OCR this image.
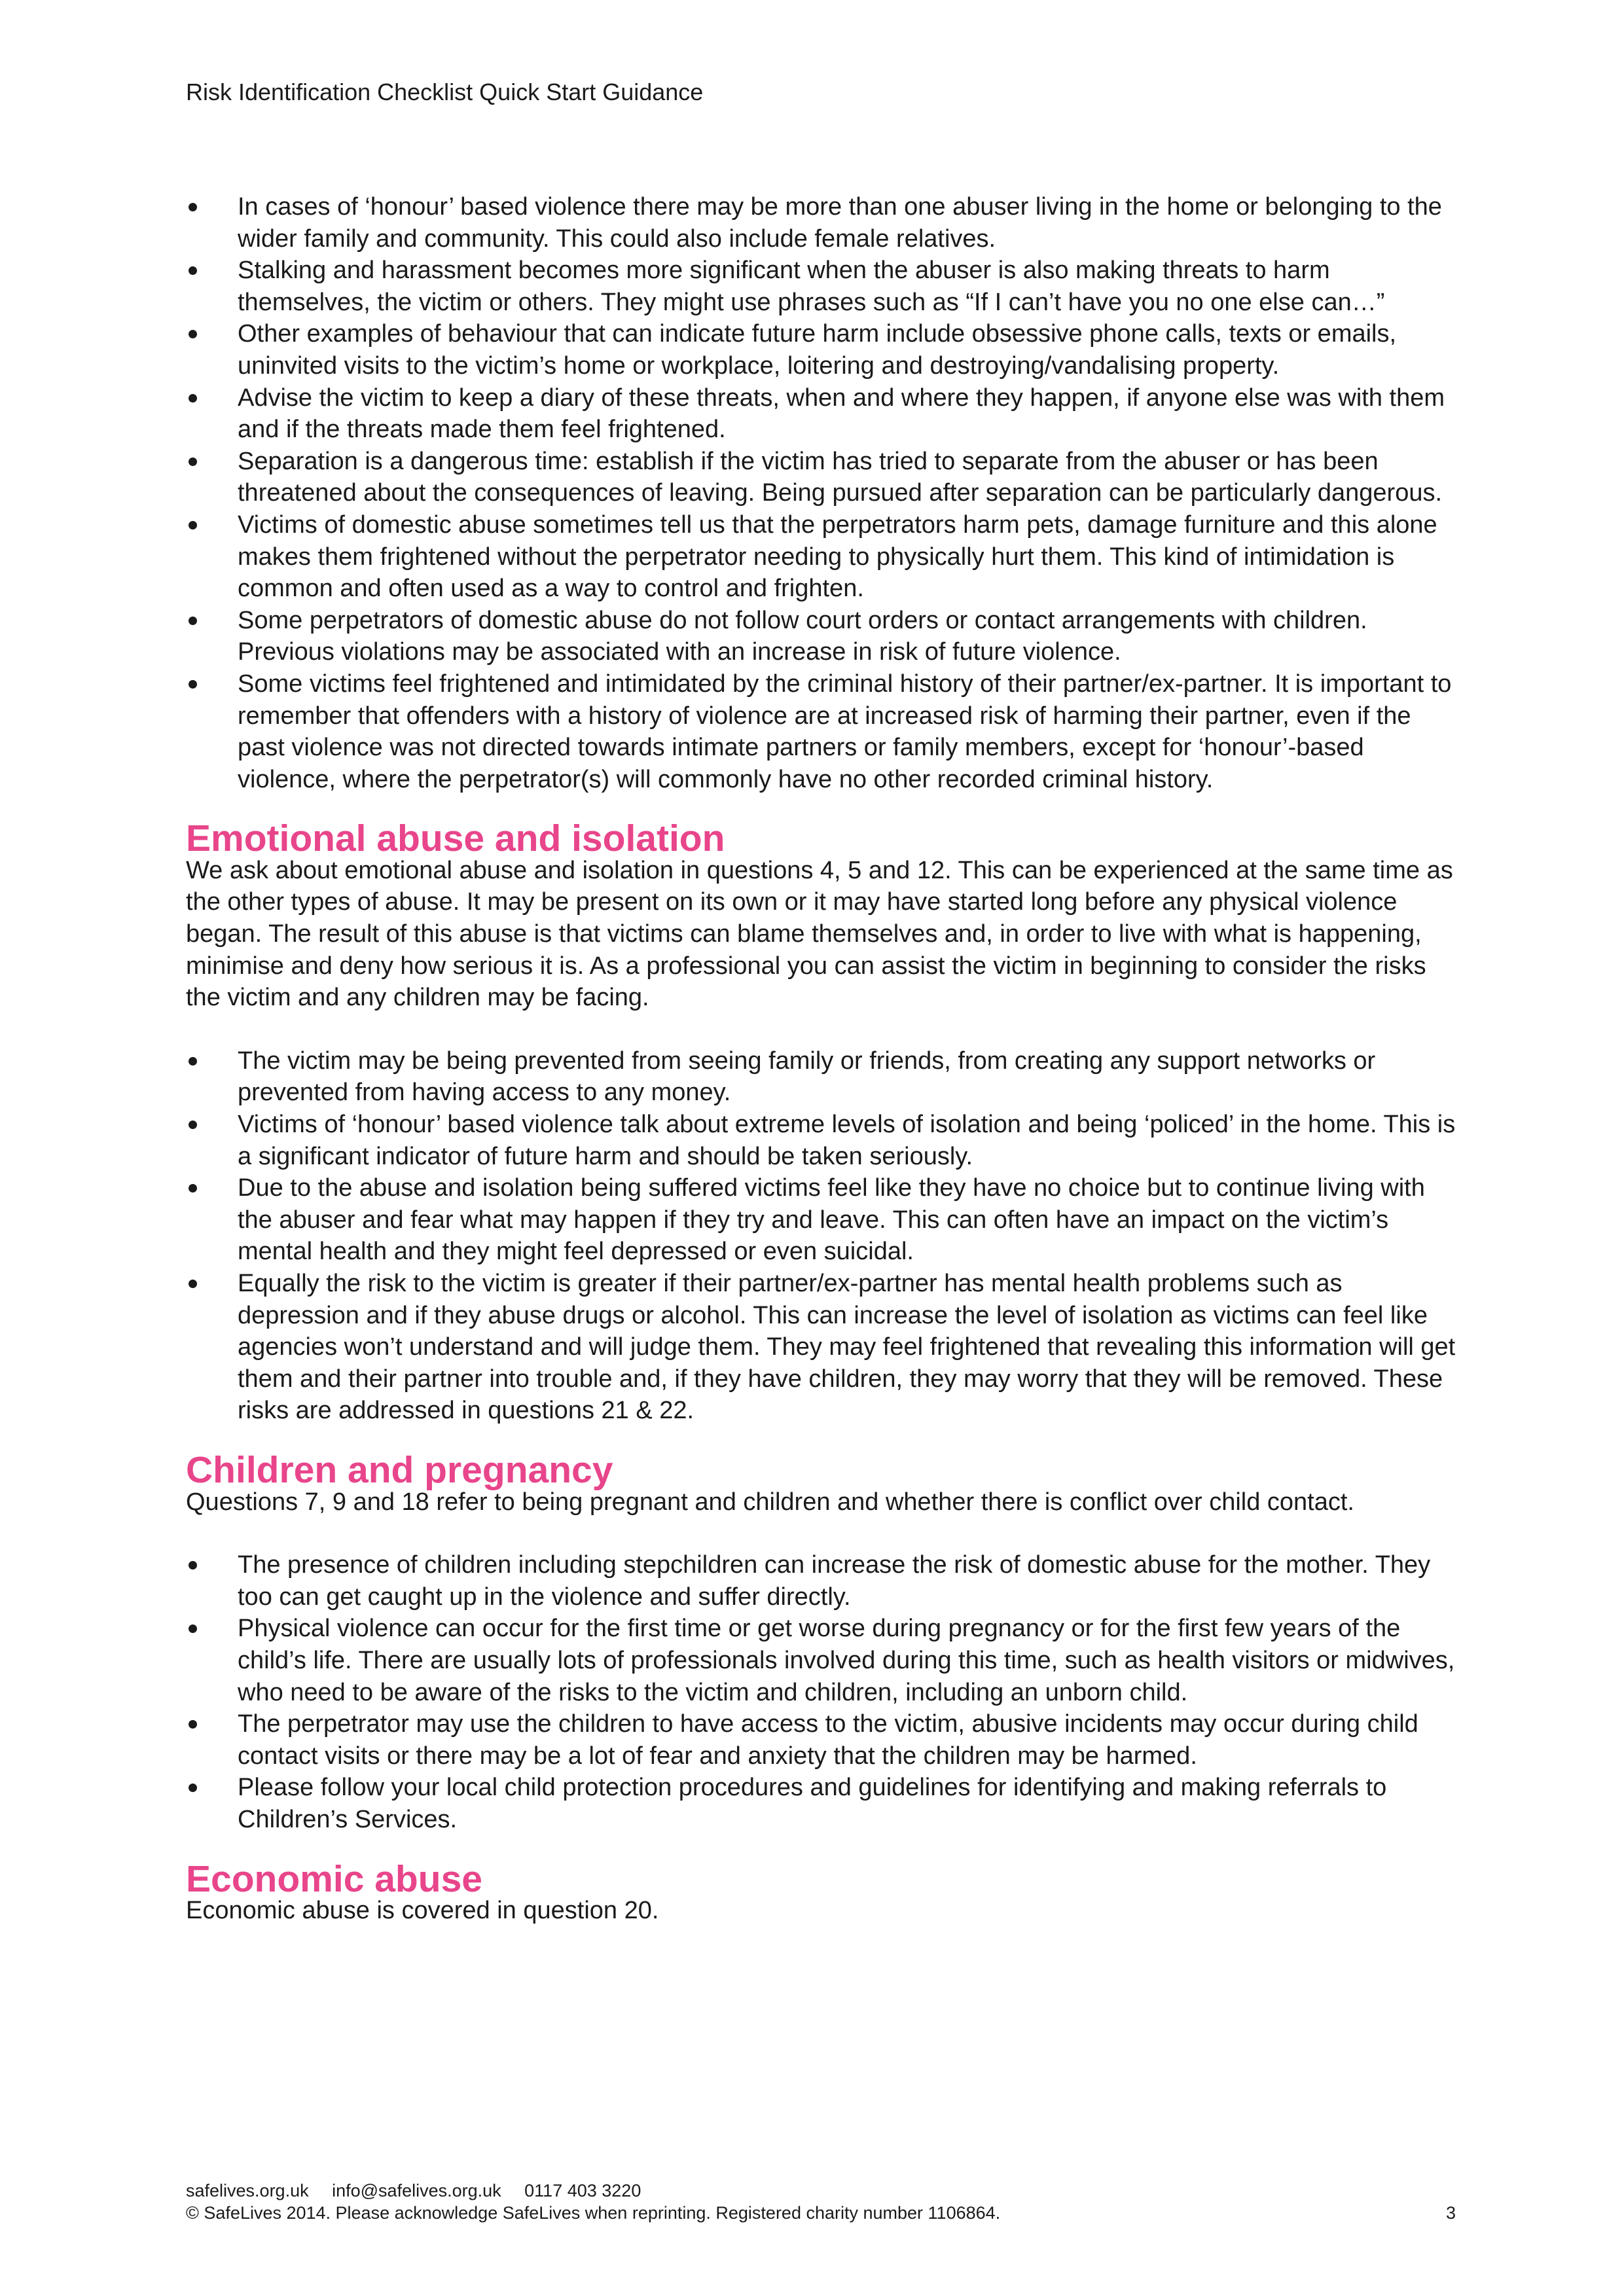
Risk Identification Checklist Quick Start Guidance
In cases of ‘honour’ based violence there may be more than one abuser living in the home or belonging to the wider family and community. This could also include female relatives.
Stalking and harassment becomes more significant when the abuser is also making threats to harm themselves, the victim or others. They might use phrases such as “If I can’t have you no one else can…”
Other examples of behaviour that can indicate future harm include obsessive phone calls, texts or emails, uninvited visits to the victim’s home or workplace, loitering and destroying/vandalising property.
Advise the victim to keep a diary of these threats, when and where they happen, if anyone else was with them and if the threats made them feel frightened.
Separation is a dangerous time: establish if the victim has tried to separate from the abuser or has been threatened about the consequences of leaving. Being pursued after separation can be particularly dangerous.
Victims of domestic abuse sometimes tell us that the perpetrators harm pets, damage furniture and this alone makes them frightened without the perpetrator needing to physically hurt them. This kind of intimidation is common and often used as a way to control and frighten.
Some perpetrators of domestic abuse do not follow court orders or contact arrangements with children. Previous violations may be associated with an increase in risk of future violence.
Some victims feel frightened and intimidated by the criminal history of their partner/ex-partner. It is important to remember that offenders with a history of violence are at increased risk of harming their partner, even if the past violence was not directed towards intimate partners or family members, except for ‘honour’-based violence, where the perpetrator(s) will commonly have no other recorded criminal history.
Emotional abuse and isolation

We ask about emotional abuse and isolation in questions 4, 5 and 12. This can be experienced at the same time as the other types of abuse. It may be present on its own or it may have started long before any physical violence began. The result of this abuse is that victims can blame themselves and, in order to live with what is happening, minimise and deny how serious it is. As a professional you can assist the victim in beginning to consider the risks the victim and any children may be facing.

The victim may be being prevented from seeing family or friends, from creating any support networks or prevented from having access to any money.
Victims of ‘honour’ based violence talk about extreme levels of isolation and being ‘policed’ in the home. This is a significant indicator of future harm and should be taken seriously.
Due to the abuse and isolation being suffered victims feel like they have no choice but to continue living with the abuser and fear what may happen if they try and leave. This can often have an impact on the victim’s mental health and they might feel depressed or even suicidal.
Equally the risk to the victim is greater if their partner/ex-partner has mental health problems such as depression and if they abuse drugs or alcohol. This can increase the level of isolation as victims can feel like agencies won’t understand and will judge them. They may feel frightened that revealing this information will get them and their partner into trouble and, if they have children, they may worry that they will be removed. These risks are addressed in questions 21 & 22.
Children and pregnancy

Questions 7, 9 and 18 refer to being pregnant and children and whether there is conflict over child contact.

The presence of children including stepchildren can increase the risk of domestic abuse for the mother. They too can get caught up in the violence and suffer directly.
Physical violence can occur for the first time or get worse during pregnancy or for the first few years of the child’s life. There are usually lots of professionals involved during this time, such as health visitors or midwives, who need to be aware of the risks to the victim and children, including an unborn child.
The perpetrator may use the children to have access to the victim, abusive incidents may occur during child contact visits or there may be a lot of fear and anxiety that the children may be harmed.
Please follow your local child protection procedures and guidelines for identifying and making referrals to Children’s Services.
Economic abuse

Economic abuse is covered in question 20.

safelives.org.uk info@safelives.org.uk 0117 403 3220
© SafeLives 2014. Please acknowledge SafeLives when reprinting. Registered charity number 1106864.	3
